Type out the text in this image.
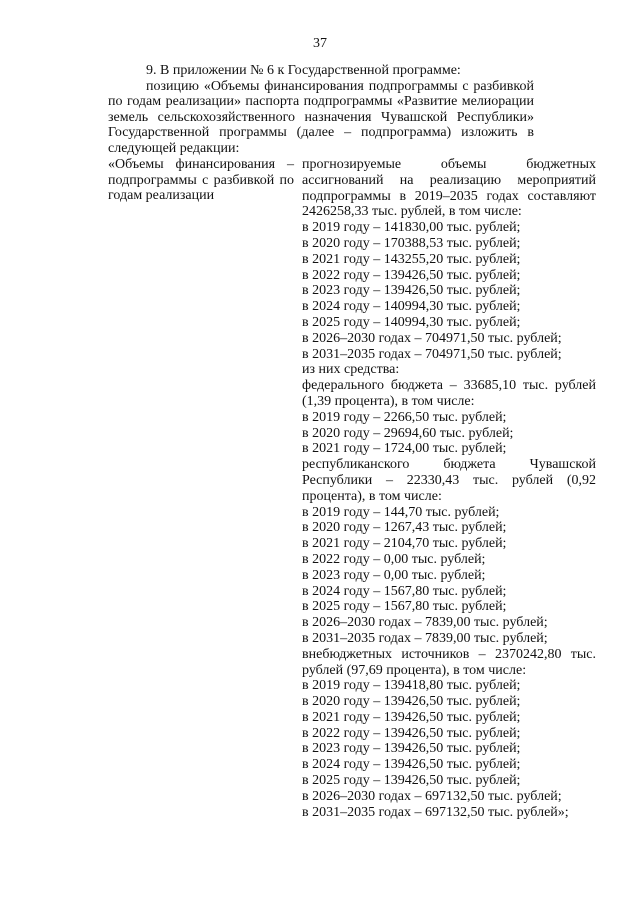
37

9. В приложении № 6 к Государственной программе:

позицию «Объемы финансирования подпрограммы с разбивкой по годам реализации» паспорта подпрограммы «Развитие мелиорации земель сельскохозяйственного назначения Чувашской Республики» Государственной программы (далее – подпрограмма) изложить в следующей редакции:

«Объемы финансирования – подпрограммы с разбивкой по годам реализации
прогнозируемые объемы бюджетных ассигнований на реализацию мероприятий подпрограммы в 2019–2035 годах составляют 2426258,33 тыс. рублей, в том числе:
в 2019 году – 141830,00 тыс. рублей;
в 2020 году – 170388,53 тыс. рублей;
в 2021 году – 143255,20 тыс. рублей;
в 2022 году – 139426,50 тыс. рублей;
в 2023 году – 139426,50 тыс. рублей;
в 2024 году – 140994,30 тыс. рублей;
в 2025 году – 140994,30 тыс. рублей;
в 2026–2030 годах – 704971,50 тыс. рублей;
в 2031–2035 годах – 704971,50 тыс. рублей;
из них средства:
федерального бюджета – 33685,10 тыс. рублей (1,39 процента), в том числе:
в 2019 году – 2266,50 тыс. рублей;
в 2020 году – 29694,60 тыс. рублей;
в 2021 году – 1724,00 тыс. рублей;
республиканского бюджета Чувашской Республики – 22330,43 тыс. рублей (0,92 процента), в том числе:
в 2019 году – 144,70 тыс. рублей;
в 2020 году – 1267,43 тыс. рублей;
в 2021 году – 2104,70 тыс. рублей;
в 2022 году – 0,00 тыс. рублей;
в 2023 году – 0,00 тыс. рублей;
в 2024 году – 1567,80 тыс. рублей;
в 2025 году – 1567,80 тыс. рублей;
в 2026–2030 годах – 7839,00 тыс. рублей;
в 2031–2035 годах – 7839,00 тыс. рублей;
внебюджетных источников – 2370242,80 тыс. рублей (97,69 процента), в том числе:
в 2019 году – 139418,80 тыс. рублей;
в 2020 году – 139426,50 тыс. рублей;
в 2021 году – 139426,50 тыс. рублей;
в 2022 году – 139426,50 тыс. рублей;
в 2023 году – 139426,50 тыс. рублей;
в 2024 году – 139426,50 тыс. рублей;
в 2025 году – 139426,50 тыс. рублей;
в 2026–2030 годах – 697132,50 тыс. рублей;
в 2031–2035 годах – 697132,50 тыс. рублей»;
